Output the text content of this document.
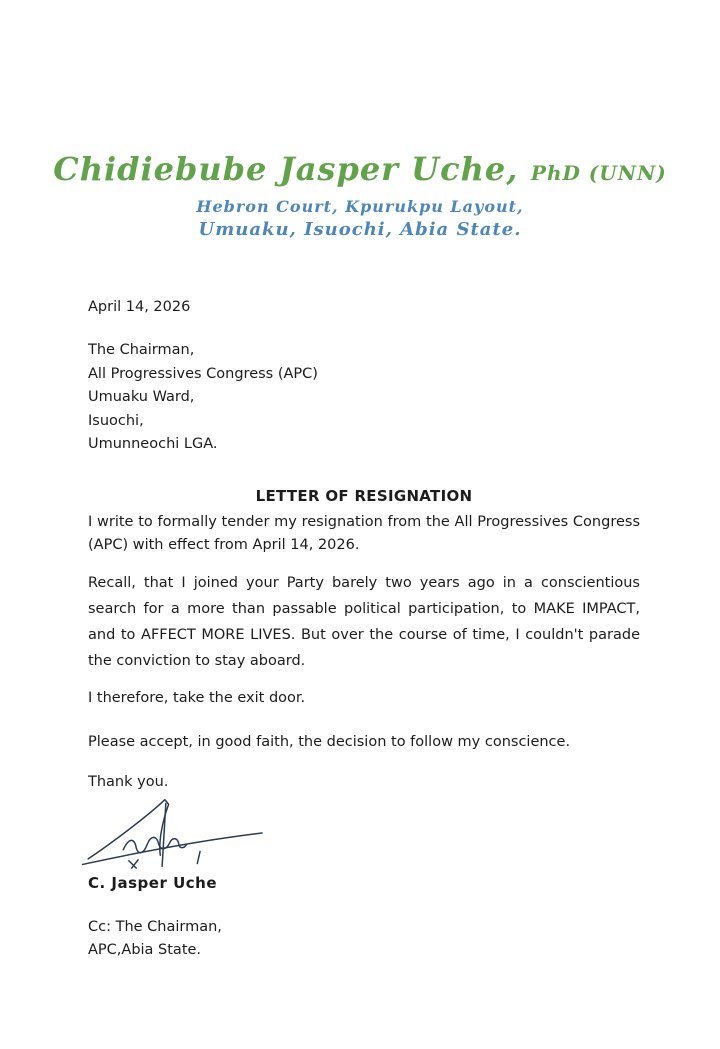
Chidiebube Jasper Uche, PhD (UNN)
Hebron Court, Kpurukpu Layout,
Umuaku, Isuochi, Abia State.
April 14, 2026
The Chairman,
All Progressives Congress (APC)
Umuaku Ward,
Isuochi,
Umunneochi LGA.
LETTER OF RESIGNATION

I write to formally tender my resignation from the All Progressives Congress (APC) with effect from April 14, 2026.

Recall, that I joined your Party barely two years ago in a conscientious search for a more than passable political participation, to MAKE IMPACT, and to AFFECT MORE LIVES. But over the course of time, I couldn't parade the conviction to stay aboard.

I therefore, take the exit door.

Please accept, in good faith, the decision to follow my conscience.

Thank you.
C. Jasper Uche
Cc: The Chairman,
APC,Abia State.
